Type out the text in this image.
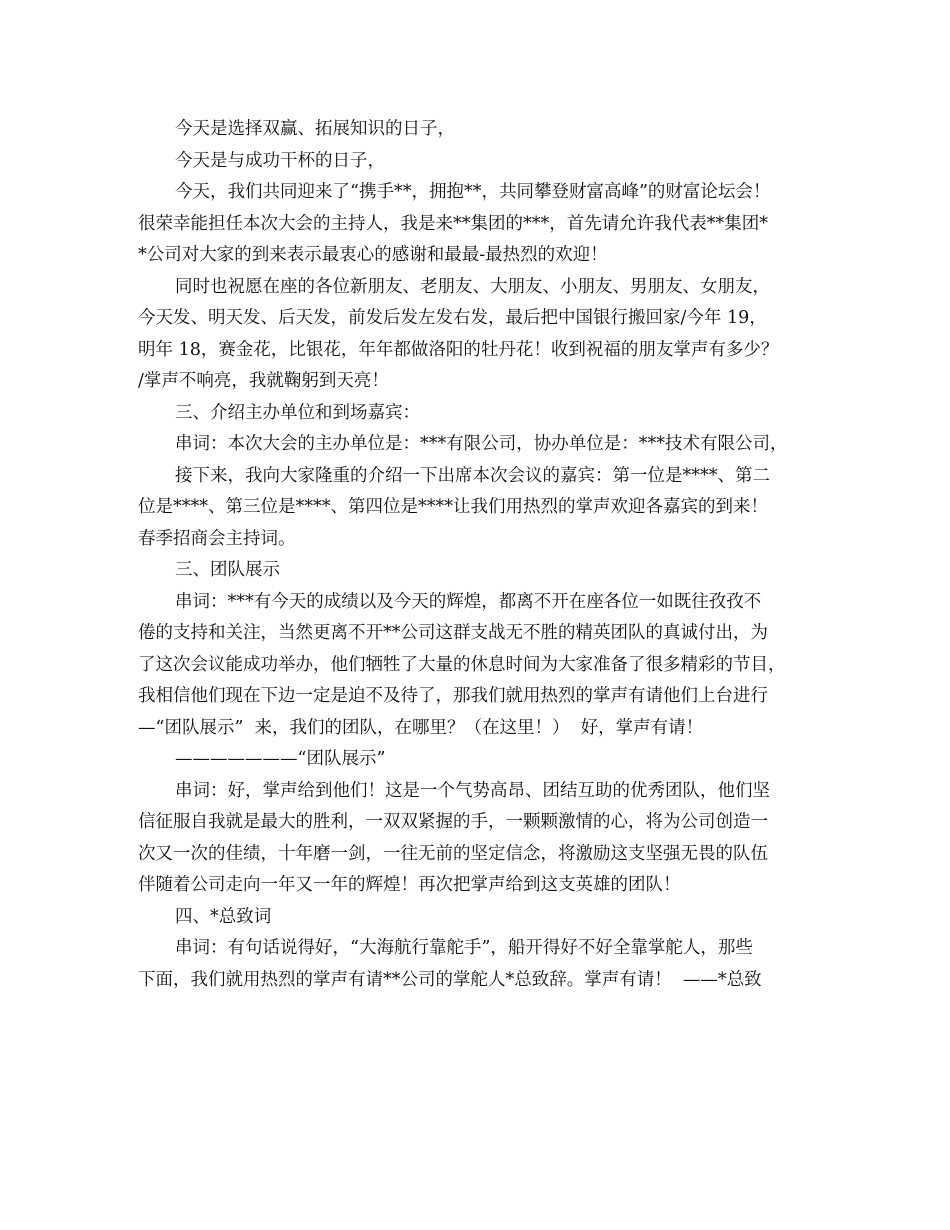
今天是选择双赢、拓展知识的日子，
今天是与成功干杯的日子，
今天，我们共同迎来了“携手**，拥抱**，共同攀登财富高峰”的财富论坛会！
很荣幸能担任本次大会的主持人，我是来**集团的***，首先请允许我代表**集团*
*公司对大家的到来表示最衷心的感谢和最最-最热烈的欢迎！
同时也祝愿在座的各位新朋友、老朋友、大朋友、小朋友、男朋友、女朋友，
今天发、明天发、后天发，前发后发左发右发，最后把中国银行搬回家/今年 19，
明年 18，赛金花，比银花，年年都做洛阳的牡丹花！收到祝福的朋友掌声有多少？
/掌声不响亮，我就鞠躬到天亮！
三、介绍主办单位和到场嘉宾：
串词：本次大会的主办单位是：***有限公司，协办单位是：***技术有限公司，
接下来，我向大家隆重的介绍一下出席本次会议的嘉宾：第一位是****、第二
位是****、第三位是****、第四位是****让我们用热烈的掌声欢迎各嘉宾的到来！
春季招商会主持词。
三、团队展示
串词：***有今天的成绩以及今天的辉煌，都离不开在座各位一如既往孜孜不
倦的支持和关注，当然更离不开**公司这群支战无不胜的精英团队的真诚付出，为
了这次会议能成功举办，他们牺牲了大量的休息时间为大家准备了很多精彩的节目，
我相信他们现在下边一定是迫不及待了，那我们就用热烈的掌声有请他们上台进行
—“团队展示”  来，我们的团队，在哪里？（在这里！）  好，掌声有请！
———————“团队展示”
串词：好，掌声给到他们！这是一个气势高昂、团结互助的优秀团队，他们坚
信征服自我就是最大的胜利，一双双紧握的手，一颗颗激情的心，将为公司创造一
次又一次的佳绩，十年磨一剑，一往无前的坚定信念，将激励这支坚强无畏的队伍
伴随着公司走向一年又一年的辉煌！再次把掌声给到这支英雄的团队！
四、*总致词
串词：有句话说得好，“大海航行靠舵手”，船开得好不好全靠掌舵人，那些
下面，我们就用热烈的掌声有请**公司的掌舵人*总致辞。掌声有请！  ——*总致
